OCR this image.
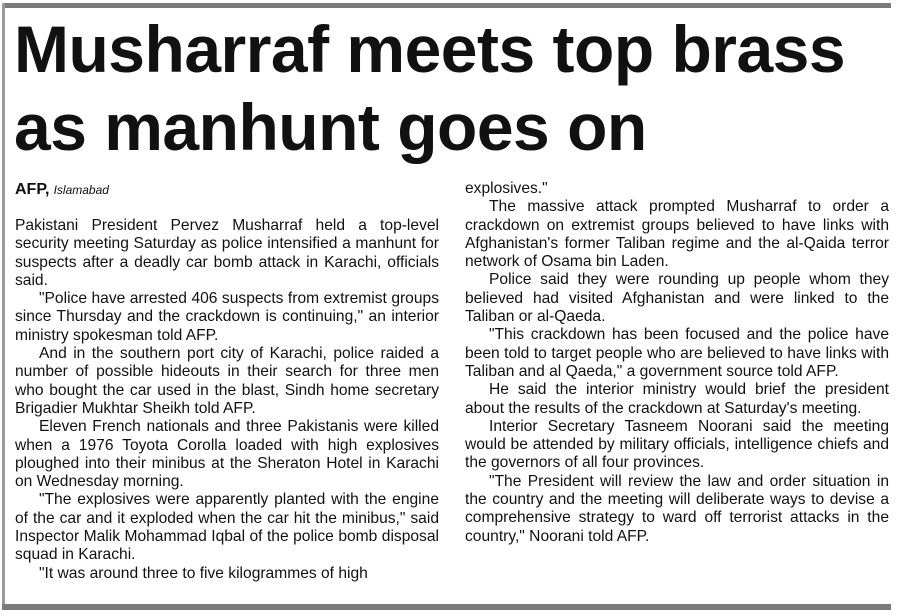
Musharraf meets top brass as manhunt goes on
AFP, Islamabad

Pakistani President Pervez Musharraf held a top-level security meeting Saturday as police intensified a manhunt for suspects after a deadly car bomb attack in Karachi, officials said.

"Police have arrested 406 suspects from extremist groups since Thursday and the crackdown is continuing," an interior ministry spokesman told AFP.

And in the southern port city of Karachi, police raided a number of possible hideouts in their search for three men who bought the car used in the blast, Sindh home secretary Brigadier Mukhtar Sheikh told AFP.

Eleven French nationals and three Pakistanis were killed when a 1976 Toyota Corolla loaded with high explosives ploughed into their minibus at the Sheraton Hotel in Karachi on Wednesday morning.

"The explosives were apparently planted with the engine of the car and it exploded when the car hit the minibus," said Inspector Malik Mohammad Iqbal of the police bomb disposal squad in Karachi.

"It was around three to five kilogrammes of high

explosives."

The massive attack prompted Musharraf to order a crackdown on extremist groups believed to have links with Afghanistan's former Taliban regime and the al-Qaida terror network of Osama bin Laden.

Police said they were rounding up people whom they believed had visited Afghanistan and were linked to the Taliban or al-Qaeda.

"This crackdown has been focused and the police have been told to target people who are believed to have links with Taliban and al Qaeda," a government source told AFP.

He said the interior ministry would brief the president about the results of the crackdown at Saturday's meeting.

Interior Secretary Tasneem Noorani said the meeting would be attended by military officials, intelligence chiefs and the governors of all four provinces.

"The President will review the law and order situation in the country and the meeting will deliberate ways to devise a comprehensive strategy to ward off terrorist attacks in the country," Noorani told AFP.
